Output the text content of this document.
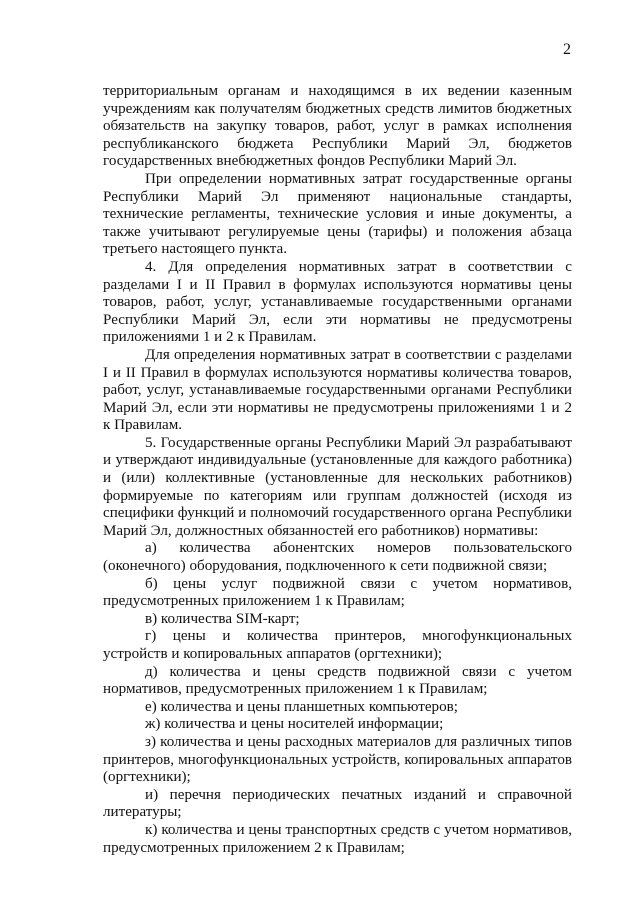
2

территориальным органам и находящимся в их ведении казенным учреждениям как получателям бюджетных средств лимитов бюджетных обязательств на закупку товаров, работ, услуг в рамках исполнения республиканского бюджета Республики Марий Эл, бюджетов государственных внебюджетных фондов Республики Марий Эл.

При определении нормативных затрат государственные органы Республики Марий Эл применяют национальные стандарты, технические регламенты, технические условия и иные документы, а также учитывают регулируемые цены (тарифы) и положения абзаца третьего настоящего пункта.

4. Для определения нормативных затрат в соответствии с разделами I и II Правил в формулах используются нормативы цены товаров, работ, услуг, устанавливаемые государственными органами Республики Марий Эл, если эти нормативы не предусмотрены приложениями 1 и 2 к Правилам.

Для определения нормативных затрат в соответствии с разделами I и II Правил в формулах используются нормативы количества товаров, работ, услуг, устанавливаемые государственными органами Республики Марий Эл, если эти нормативы не предусмотрены приложениями 1 и 2 к Правилам.

5. Государственные органы Республики Марий Эл разрабатывают и утверждают индивидуальные (установленные для каждого работника) и (или) коллективные (установленные для нескольких работников) формируемые по категориям или группам должностей (исходя из специфики функций и полномочий государственного органа Республики Марий Эл, должностных обязанностей его работников) нормативы:

а) количества абонентских номеров пользовательского (оконечного) оборудования, подключенного к сети подвижной связи;

б) цены услуг подвижной связи с учетом нормативов, предусмотренных приложением 1 к Правилам;

в) количества SIM-карт;

г) цены и количества принтеров, многофункциональных устройств и копировальных аппаратов (оргтехники);

д) количества и цены средств подвижной связи с учетом нормативов, предусмотренных приложением 1 к Правилам;

е) количества и цены планшетных компьютеров;

ж) количества и цены носителей информации;

з) количества и цены расходных материалов для различных типов принтеров, многофункциональных устройств, копировальных аппаратов (оргтехники);

и) перечня периодических печатных изданий и справочной литературы;

к) количества и цены транспортных средств с учетом нормативов, предусмотренных приложением 2 к Правилам;
